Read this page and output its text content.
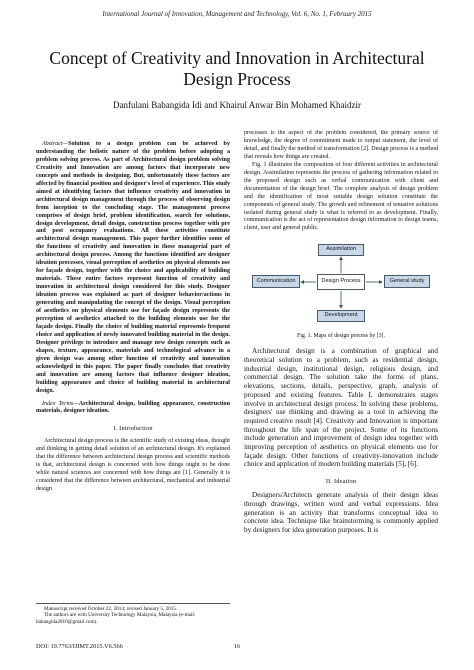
International Journal of Innovation, Management and Technology, Vol. 6, No. 1, February 2015
Concept of Creativity and Innovation in Architectural
Design Process
Danfulani Babangida Idi and Khairul Anwar Bin Mohamed Khaidzir

Abstract—Solution to a design problem can be achieved by understanding the holistic nature of the problem before adopting a problem solving process. As part of Architectural design problem solving Creativity and Innovation are among factors that incorporate new concepts and methods in designing. But, unfortunately these factors are affected by financial position and designer's level of experience. This study aimed at identifying factors that influence creativity and innovation in architectural design management through the process of observing design from inception to the concluding stage. The management process comprises of design brief, problem identification, search for solutions, design development, detail design, construction process together with pre and post occupancy evaluations. All these activities constitute architectural design management. This paper further identifies some of the functions of creativity and innovation in these managerial part of architectural design process. Among the functions identified are designer ideation processes, visual perception of aesthetics on physical elements use for façade design, together with the choice and applicability of building materials. These entire factors represent function of creativity and innovation in architectural design considered for this study. Designer ideation process was explained as part of designer behavior/actions in generating and manipulating the concept of the design. Visual perception of aesthetics on physical elements use for façade design represents the perception of aesthetics attached to the building elements use for the façade design. Finally the choice of building material represents frequent choice and application of newly innovated building material in the design. Designer privilege to introduce and manage new design concepts such as shapes, texture, appearance, materials and technological advance in a given design was among other function of creativity and innovation acknowledged in this paper. The paper finally concludes that creativity and innovation are among factors that influence designer ideation, building appearance and choice of building material in architectural design.

Index Terms—Architectural design, building appearance, construction materials, designer ideation.

I. Introduction

Architectural design process is the scientific study of existing ideas, thought and thinking in getting detail solution of an architectural design. It's explained that the difference between architectural design process and scientific methods is that, architectural design is concerned with how things ought to be done while natural sciences are concerned with how things are [1]. Generally it is considered that the difference between architectural, mechanical and industrial design

processes is the aspect of the problem considered, the primary source of knowledge, the degree of commitment made to output statement, the level of detail, and finally the method of transformation [2]. Design process is a method that reveals how things are created.

Fig. 1 illustrates the composition of four different activities in architectural design. Assimilation represents the process of gathering information related to the proposed design such as verbal communication with client and documentation of the design brief. The complete analysis of design problem and the identification of most suitable design solution constitute the components of general study. The growth and refinement of tentative solutions isolated during general study is what is referred to as development. Finally, communication is the act of representation design information to design teams, client, user and general public.

Assimilation
Communication	Design Process	General study
Development
Fig. 1. Maps of design process by [3].

Architectural design is a combination of graphical and theoretical solution to a problem, such as residential design, industrial design, institutional design, religious design, and commercial design. The solution take the forms of plans, elevations, sections, details, perspective, graph, analysis of proposed and existing features. Table I, demonstrates stages involve in architectural design process. In solving these problems, designers' use thinking and drawing as a tool in achieving the required creative result [4]. Creativity and Innovation is important throughout the life span of the project. Some of its functions include generation and improvement of design idea together with improving perception of aesthetics on physical elements use for façade design. Other functions of creativity-innovation include choice and application of modern building materials [5], [6].

II. Ideation

Designers/Architects generate analysis of their design ideas through drawings, written word and verbal expressions. Idea generation is an activity that transforms conceptual idea to concrete idea. Technique like brainstorming is commonly applied by designers for idea generation purposes. It is

Manuscript received October 22, 2014; revised January 5, 2015.

The authors are with University Technology Malaysia, Malaysia (e-mail: babangida2010@gmail.com).

DOI: 10.7763/IJIMT.2015.V6.566	16
